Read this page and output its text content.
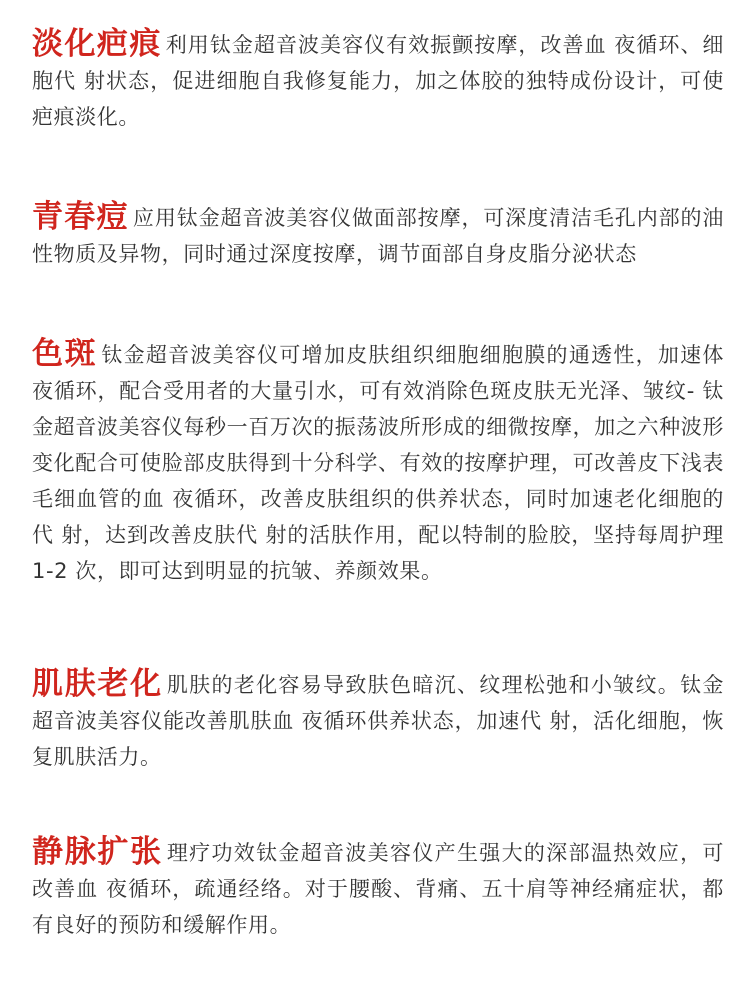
淡化疤痕 利用钛金超音波美容仪有效振颤按摩，改善血 夜循环、细胞代 射状态，促进细胞自我修复能力，加之体胶的独特成份设计，可使疤痕淡化。

青春痘 应用钛金超音波美容仪做面部按摩，可深度清洁毛孔内部的油性物质及异物，同时通过深度按摩，调节面部自身皮脂分泌状态

色斑 钛金超音波美容仪可增加皮肤组织细胞细胞膜的通透性，加速体 夜循环，配合受用者的大量引水，可有效消除色斑皮肤无光泽、皱纹- 钛金超音波美容仪每秒一百万次的振荡波所形成的细微按摩，加之六种波形变化配合可使脸部皮肤得到十分科学、有效的按摩护理，可改善皮下浅表毛细血管的血 夜循环，改善皮肤组织的供养状态，同时加速老化细胞的代 射，达到改善皮肤代 射的活肤作用，配以特制的脸胶，坚持每周护理 1-2 次，即可达到明显的抗皱、养颜效果。

肌肤老化 肌肤的老化容易导致肤色暗沉、纹理松弛和小皱纹。钛金超音波美容仪能改善肌肤血 夜循环供养状态，加速代 射，活化细胞，恢复肌肤活力。

静脉扩张 理疗功效钛金超音波美容仪产生强大的深部温热效应，可改善血 夜循环，疏通经络。对于腰酸、背痛、五十肩等神经痛症状，都有良好的预防和缓解作用。
